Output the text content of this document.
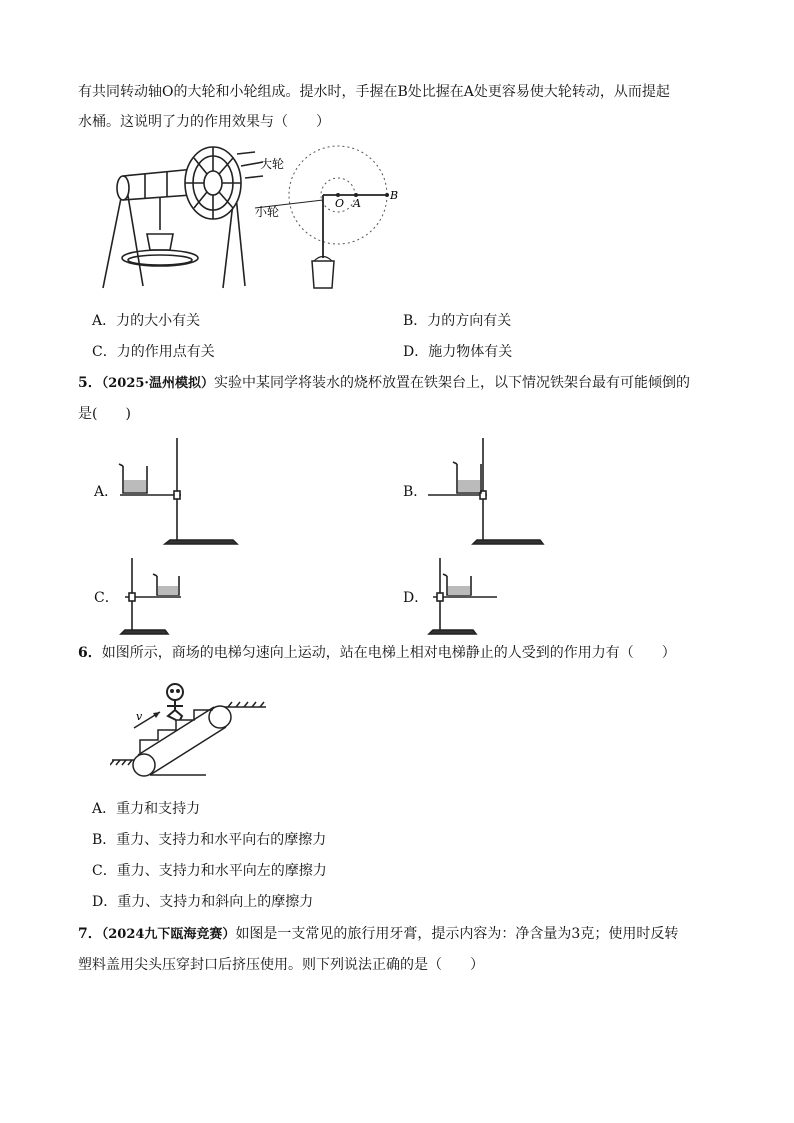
有共同转动轴O的大轮和小轮组成。提水时，手握在B处比握在A处更容易使大轮转动，从而提起
水桶。这说明了力的作用效果与（　　）
大轮
小轮
O A
B
A．力的大小有关	B．力的方向有关
C．力的作用点有关	D．施力物体有关
5．（2025·温州模拟）实验中某同学将装水的烧杯放置在铁架台上，以下情况铁架台最有可能倾倒的
是(　　)
A．	B．
C．	D．
6．如图所示，商场的电梯匀速向上运动，站在电梯上相对电梯静止的人受到的作用力有（　　）
v
A．重力和支持力
B．重力、支持力和水平向右的摩擦力
C．重力、支持力和水平向左的摩擦力
D．重力、支持力和斜向上的摩擦力
7．（2024九下瓯海竞赛）如图是一支常见的旅行用牙膏，提示内容为：净含量为3克；使用时反转
塑料盖用尖头压穿封口后挤压使用。则下列说法正确的是（　　）
